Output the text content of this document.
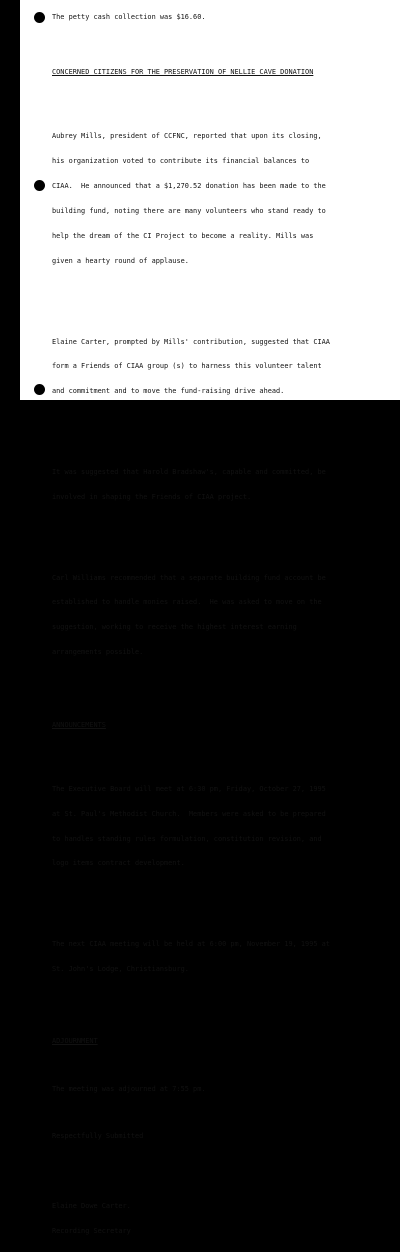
The petty cash collection was $16.60.

CONCERNED CITIZENS FOR THE PRESERVATION OF NELLIE CAVE DONATION

Aubrey Mills, president of CCFNC, reported that upon its closing,

his organization voted to contribute its financial balances to

CIAA.  He announced that a $1,270.52 donation has been made to the

building fund, noting there are many volunteers who stand ready to

help the dream of the CI Project to become a reality. Mills was

given a hearty round of applause.

Elaine Carter, prompted by Mills' contribution, suggested that CIAA

form a Friends of CIAA group (s) to harness this volunteer talent

and commitment and to move the fund-raising drive ahead.

It was suggested that Harold Bradshaw's, capable and committed, be

involved in shaping the Friends of CIAA project.

Carl Williams recommended that a separate building fund account be

established to handle monies raised.  He was asked to move on the

suggestion, working to receive the highest interest earning

arrangements possible.

ANNOUNCEMENTS

The Executive Board will meet at 6:30 pm, Friday, October 27, 1995

at St. Paul's Methodist Church.  Members were asked to be prepared

to handles standing rules formulation, constitution revision, and

logo items contract development.

The next CIAA meeting will be held at 6:00 pm, November 19, 1995 at

St. John's Lodge, Christiansburg.

ADJOURNMENT

The meeting was adjourned at 7:55 pm.

Respectfully Submitted

Elaine Dowe Carter.

Recording Secretary
